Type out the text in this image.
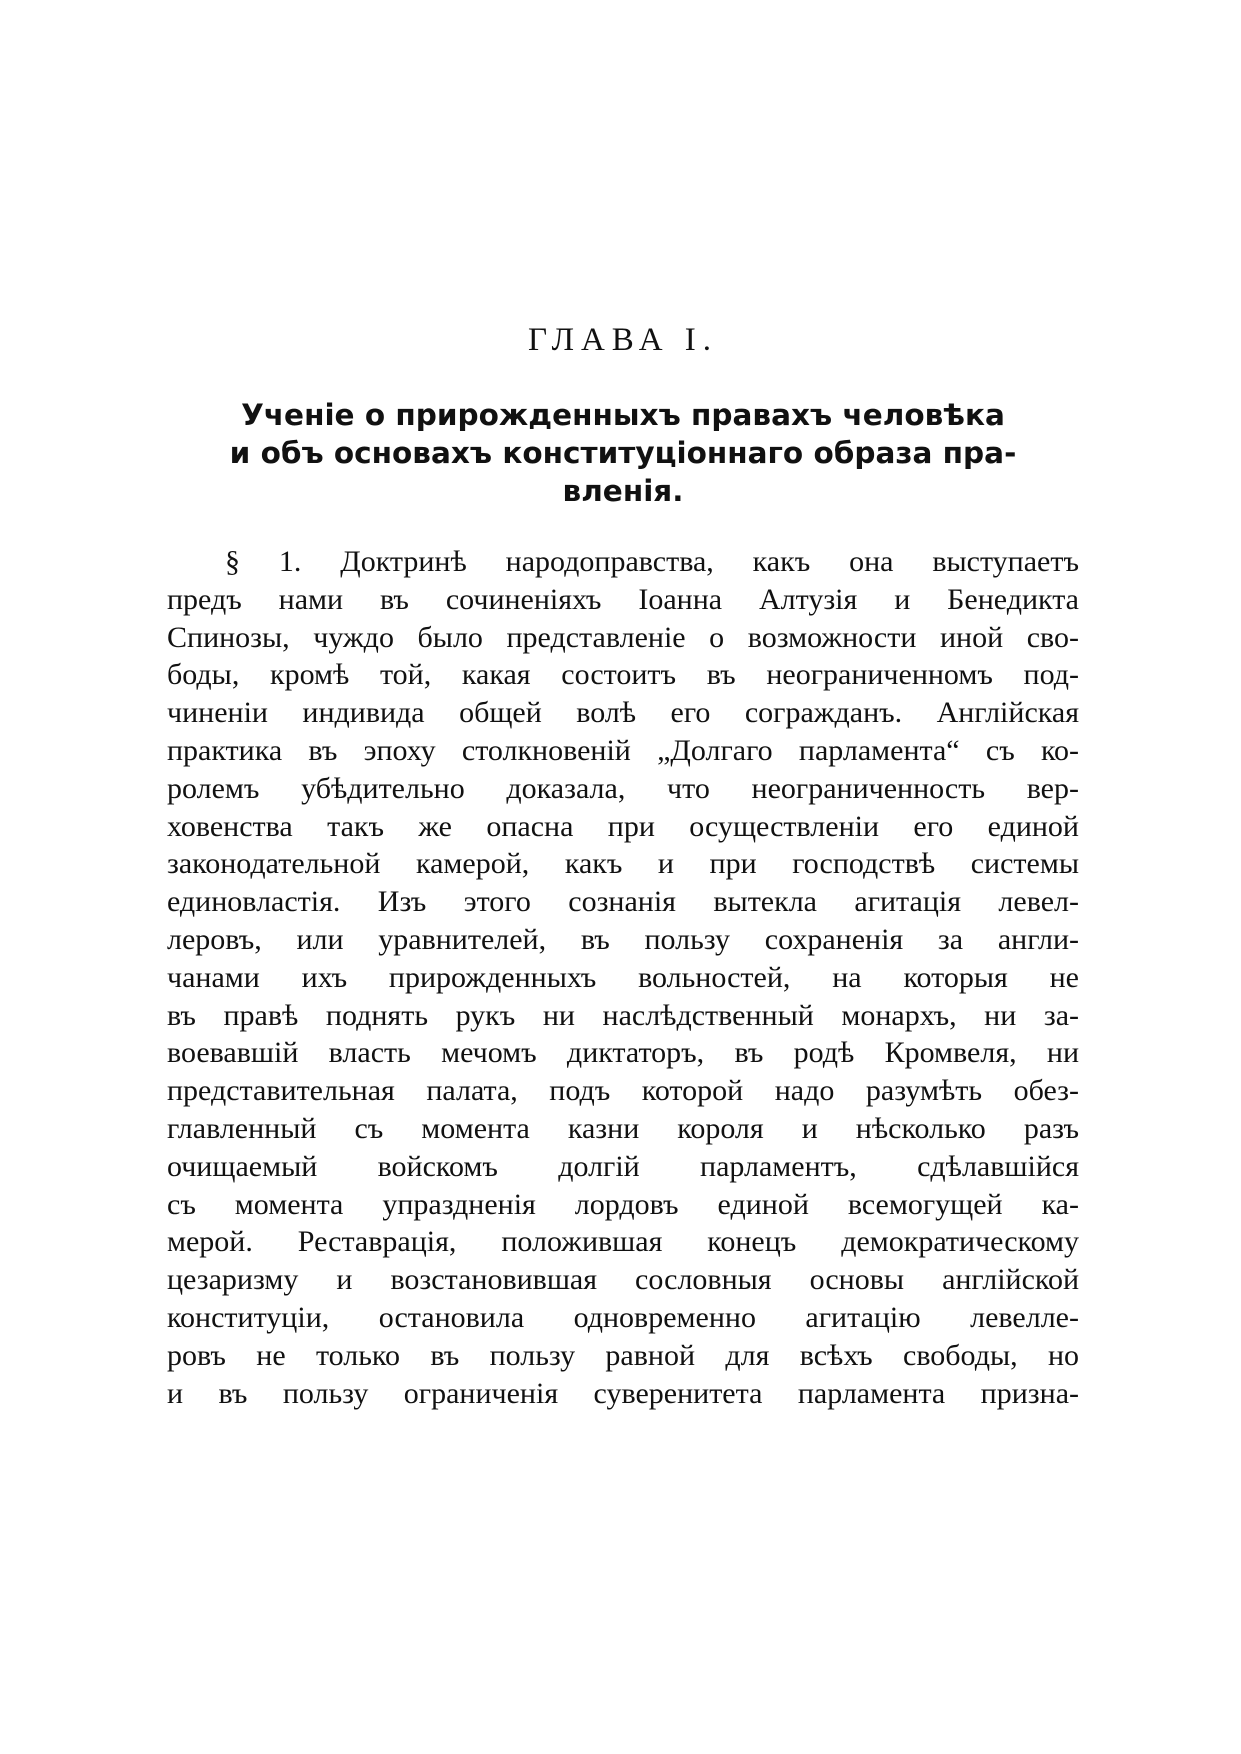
ГЛАВА I.
Ученіе о прирожденныхъ правахъ человѣка
и объ основахъ конституціоннаго образа пра-
вленія.
§ 1. Доктринѣ народоправства, какъ она выступаетъ
предъ нами въ сочиненіяхъ Іоанна Алтузія и Бенедикта
Спинозы, чуждо было представленіе о возможности иной сво-
боды, кромѣ той, какая состоитъ въ неограниченномъ под-
чиненіи индивида общей волѣ его согражданъ. Англійская
практика въ эпоху столкновеній „Долгаго парламента“ съ ко-
ролемъ убѣдительно доказала, что неограниченность вер-
ховенства такъ же опасна при осуществленіи его единой
законодательной камерой, какъ и при господствѣ системы
единовластія. Изъ этого сознанія вытекла агитація левел-
леровъ, или уравнителей, въ пользу сохраненія за англи-
чанами ихъ прирожденныхъ вольностей, на которыя не
въ правѣ поднять рукъ ни наслѣдственный монархъ, ни за-
воевавшій власть мечомъ диктаторъ, въ родѣ Кромвеля, ни
представительная палата, подъ которой надо разумѣть обез-
главленный съ момента казни короля и нѣсколько разъ
очищаемый войскомъ долгій парламентъ, сдѣлавшійся
съ момента упраздненія лордовъ единой всемогущей ка-
мерой. Реставрація, положившая конецъ демократическому
цезаризму и возстановившая сословныя основы англійской
конституціи, остановила одновременно агитацію левелле-
ровъ не только въ пользу равной для всѣхъ свободы, но
и въ пользу ограниченія суверенитета парламента призна-
